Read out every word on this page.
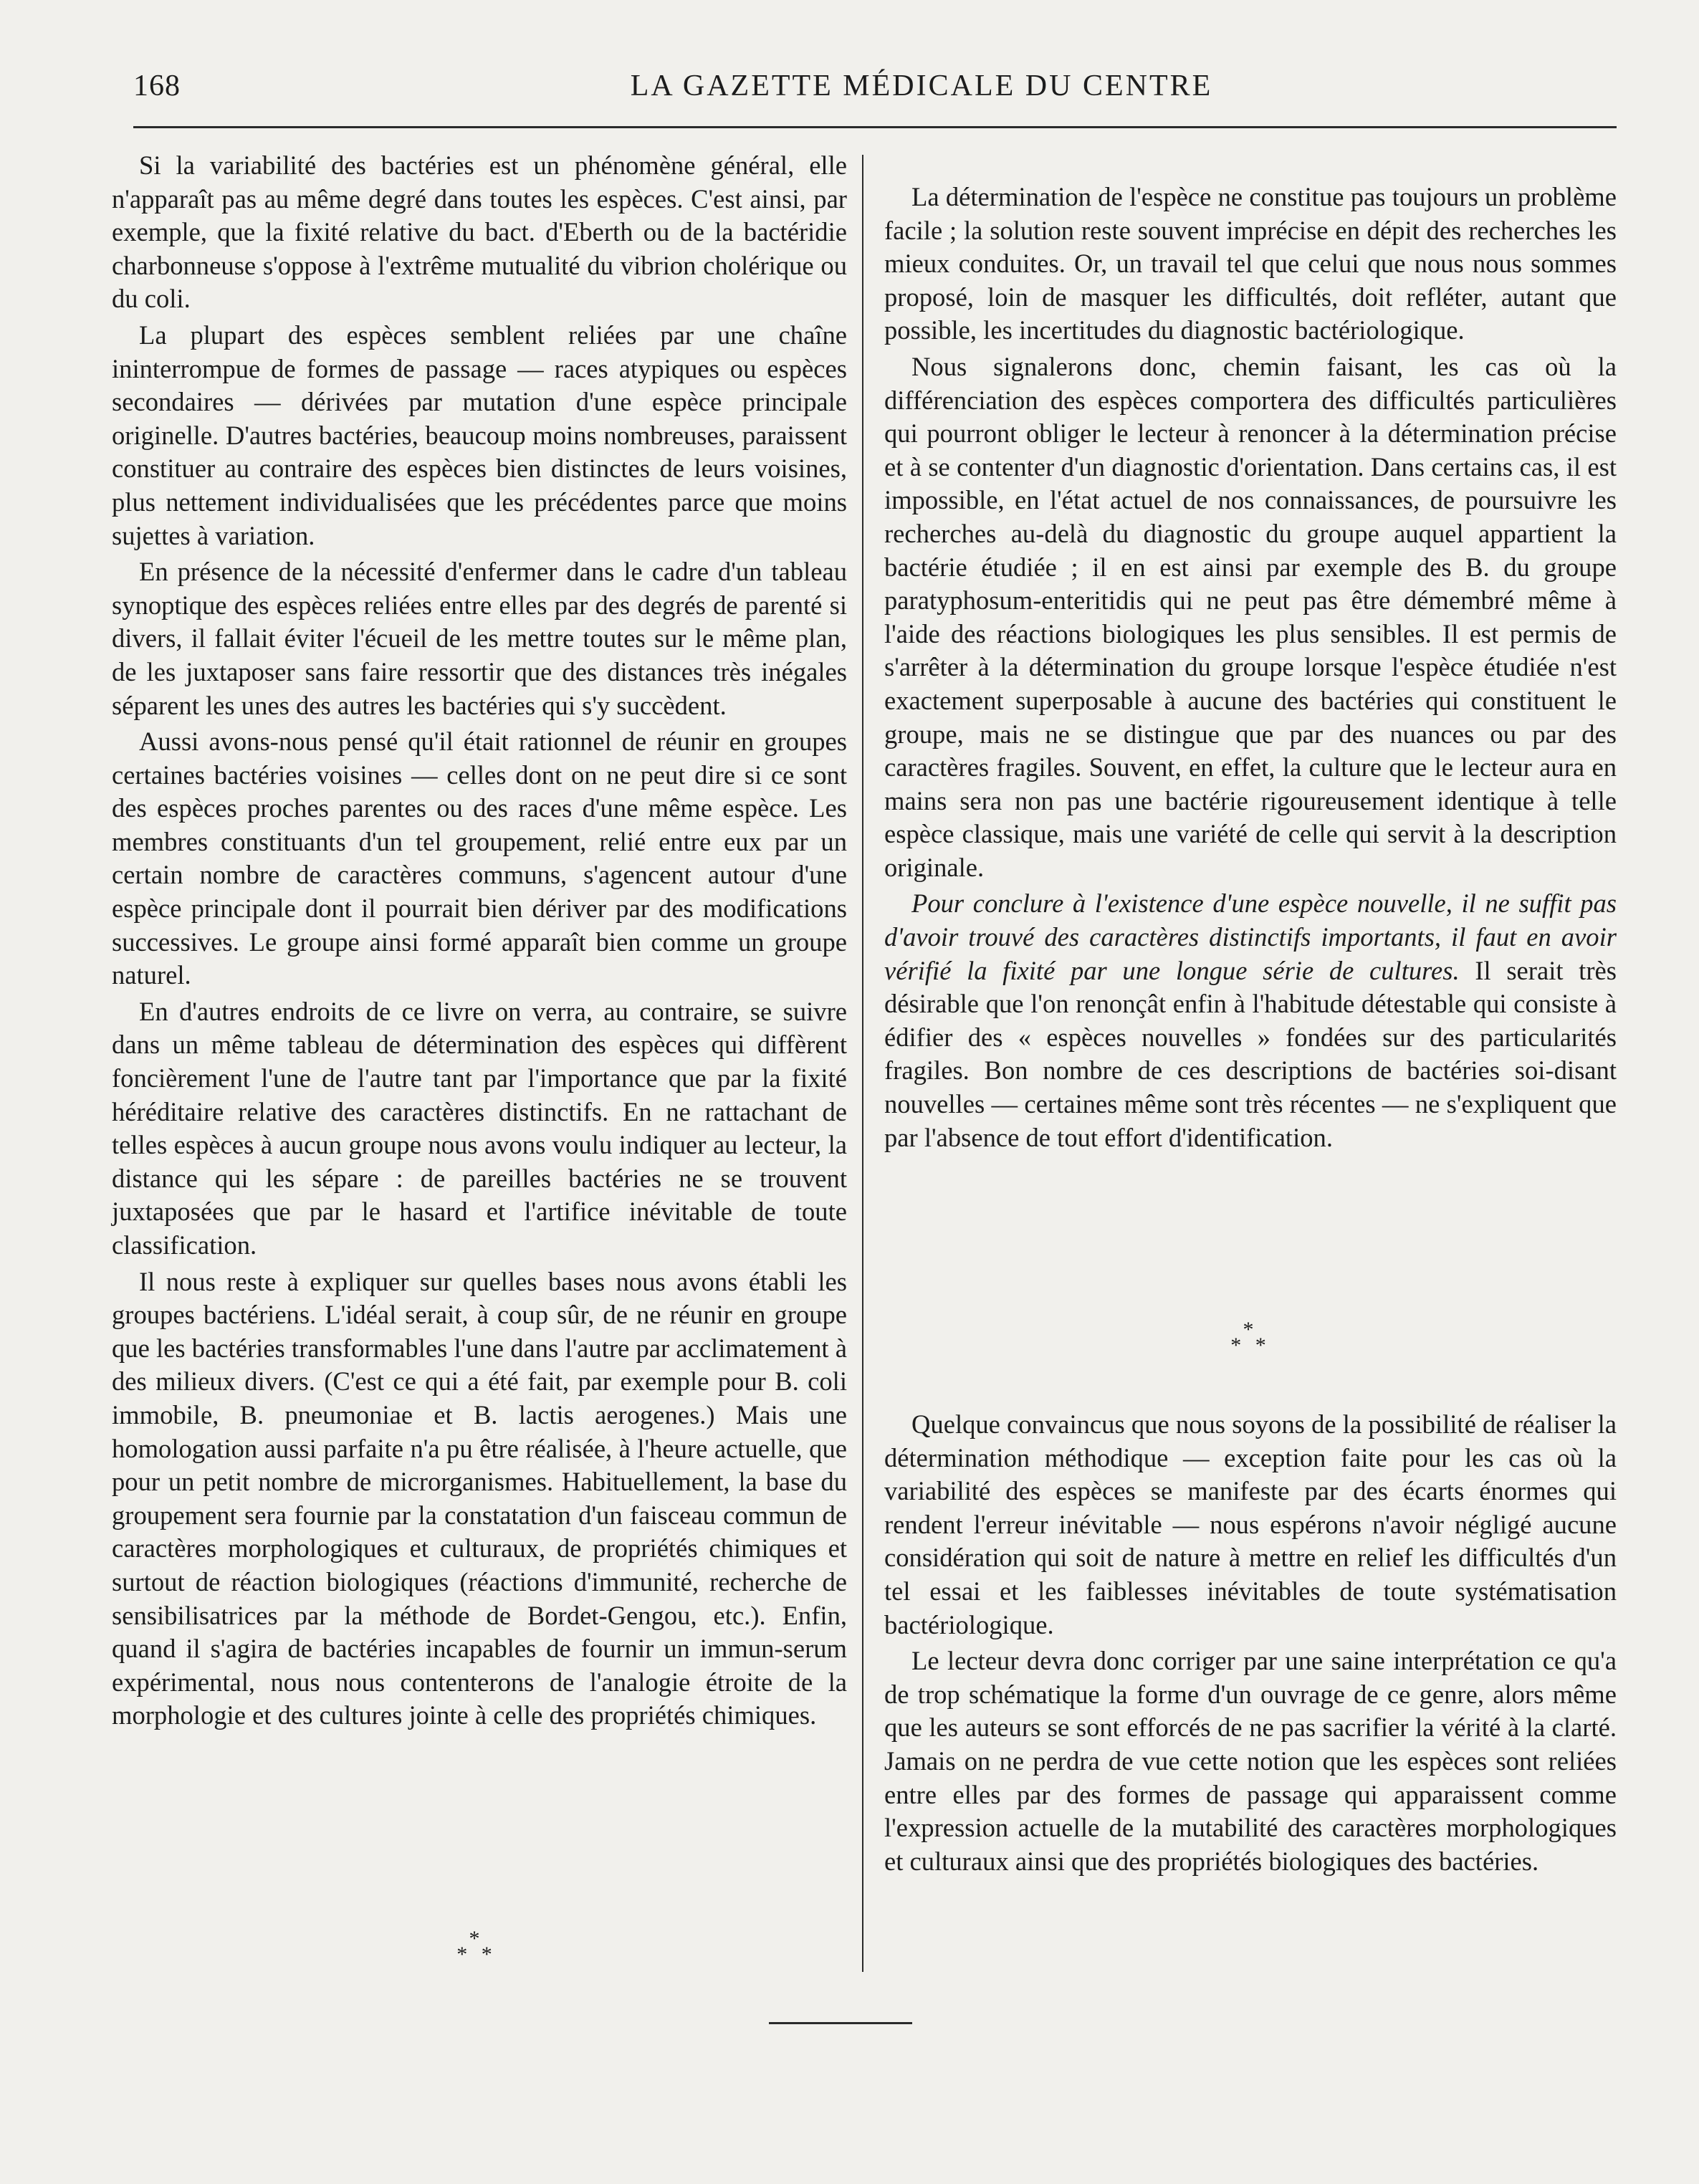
168	LA GAZETTE MÉDICALE DU CENTRE

Si la variabilité des bactéries est un phénomène général, elle n'apparaît pas au même degré dans toutes les espèces. C'est ainsi, par exemple, que la fixité relative du bact. d'Eberth ou de la bactéridie charbonneuse s'oppose à l'extrême mutualité du vibrion cholérique ou du coli.

La plupart des espèces semblent reliées par une chaîne ininterrompue de formes de passage — races atypiques ou espèces secondaires — dérivées par mutation d'une espèce principale originelle. D'autres bactéries, beaucoup moins nombreuses, paraissent constituer au contraire des espèces bien distinctes de leurs voisines, plus nettement individualisées que les précédentes parce que moins sujettes à variation.

En présence de la nécessité d'enfermer dans le cadre d'un tableau synoptique des espèces reliées entre elles par des degrés de parenté si divers, il fallait éviter l'écueil de les mettre toutes sur le même plan, de les juxtaposer sans faire ressortir que des distances très inégales séparent les unes des autres les bactéries qui s'y succèdent.

Aussi avons-nous pensé qu'il était rationnel de réunir en groupes certaines bactéries voisines — celles dont on ne peut dire si ce sont des espèces proches parentes ou des races d'une même espèce. Les membres constituants d'un tel groupement, relié entre eux par un certain nombre de caractères communs, s'agencent autour d'une espèce principale dont il pourrait bien dériver par des modifications successives. Le groupe ainsi formé apparaît bien comme un groupe naturel.

En d'autres endroits de ce livre on verra, au contraire, se suivre dans un même tableau de détermination des espèces qui diffèrent foncièrement l'une de l'autre tant par l'importance que par la fixité héréditaire relative des caractères distinctifs. En ne rattachant de telles espèces à aucun groupe nous avons voulu indiquer au lecteur, la distance qui les sépare : de pareilles bactéries ne se trouvent juxtaposées que par le hasard et l'artifice inévitable de toute classification.

Il nous reste à expliquer sur quelles bases nous avons établi les groupes bactériens. L'idéal serait, à coup sûr, de ne réunir en groupe que les bactéries transformables l'une dans l'autre par acclimatement à des milieux divers. (C'est ce qui a été fait, par exemple pour B. coli immobile, B. pneumoniae et B. lactis aerogenes.) Mais une homologation aussi parfaite n'a pu être réalisée, à l'heure actuelle, que pour un petit nombre de microrganismes. Habituellement, la base du groupement sera fournie par la constatation d'un faisceau commun de caractères morphologiques et culturaux, de propriétés chimiques et surtout de réaction biologiques (réactions d'immunité, recherche de sensibilisatrices par la méthode de Bordet-Gengou, etc.). Enfin, quand il s'agira de bactéries incapables de fournir un immun-serum expérimental, nous nous contenterons de l'analogie étroite de la morphologie et des cultures jointe à celle des propriétés chimiques.

*
* *

La détermination de l'espèce ne constitue pas toujours un problème facile ; la solution reste souvent imprécise en dépit des recherches les mieux conduites. Or, un travail tel que celui que nous nous sommes proposé, loin de masquer les difficultés, doit refléter, autant que possible, les incertitudes du diagnostic bactériologique.

Nous signalerons donc, chemin faisant, les cas où la différenciation des espèces comportera des difficultés particulières qui pourront obliger le lecteur à renoncer à la détermination précise et à se contenter d'un diagnostic d'orientation. Dans certains cas, il est impossible, en l'état actuel de nos connaissances, de poursuivre les recherches au-delà du diagnostic du groupe auquel appartient la bactérie étudiée ; il en est ainsi par exemple des B. du groupe paratyphosum-enteritidis qui ne peut pas être démembré même à l'aide des réactions biologiques les plus sensibles. Il est permis de s'arrêter à la détermination du groupe lorsque l'espèce étudiée n'est exactement superposable à aucune des bactéries qui constituent le groupe, mais ne se distingue que par des nuances ou par des caractères fragiles. Souvent, en effet, la culture que le lecteur aura en mains sera non pas une bactérie rigoureusement identique à telle espèce classique, mais une variété de celle qui servit à la description originale.

Pour conclure à l'existence d'une espèce nouvelle, il ne suffit pas d'avoir trouvé des caractères distinctifs importants, il faut en avoir vérifié la fixité par une longue série de cultures. Il serait très désirable que l'on renonçât enfin à l'habitude détestable qui consiste à édifier des « espèces nouvelles » fondées sur des particularités fragiles. Bon nombre de ces descriptions de bactéries soi-disant nouvelles — certaines même sont très récentes — ne s'expliquent que par l'absence de tout effort d'identification.

*
* *

Quelque convaincus que nous soyons de la possibilité de réaliser la détermination méthodique — exception faite pour les cas où la variabilité des espèces se manifeste par des écarts énormes qui rendent l'erreur inévitable — nous espérons n'avoir négligé aucune considération qui soit de nature à mettre en relief les difficultés d'un tel essai et les faiblesses inévitables de toute systématisation bactériologique.

Le lecteur devra donc corriger par une saine interprétation ce qu'a de trop schématique la forme d'un ouvrage de ce genre, alors même que les auteurs se sont efforcés de ne pas sacrifier la vérité à la clarté. Jamais on ne perdra de vue cette notion que les espèces sont reliées entre elles par des formes de passage qui apparaissent comme l'expression actuelle de la mutabilité des caractères morphologiques et culturaux ainsi que des propriétés biologiques des bactéries.
